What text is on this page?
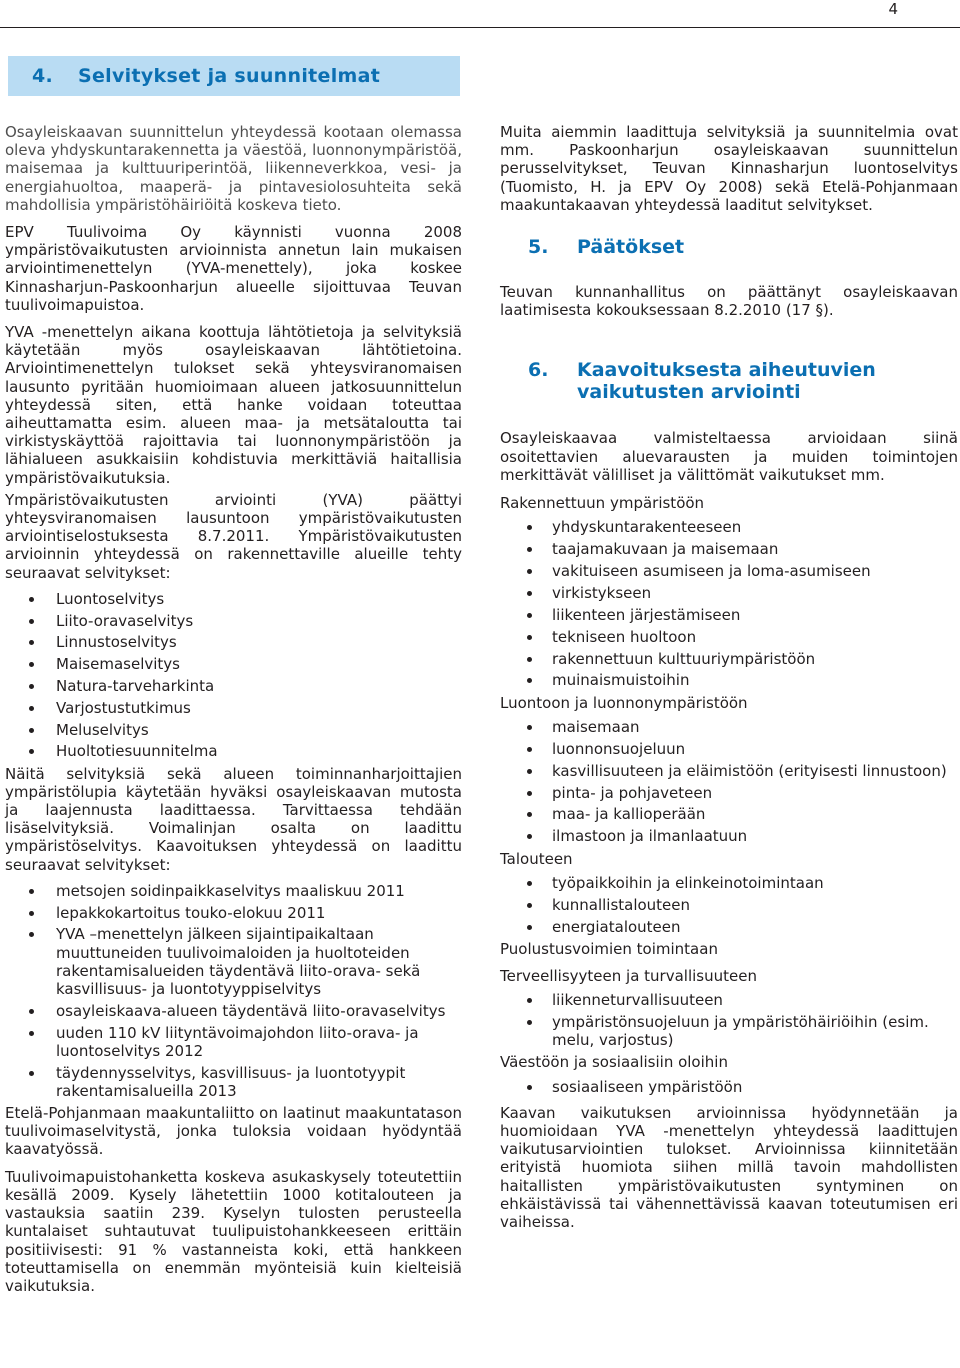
4
4. Selvitykset ja suunnitelmat

Osayleiskaavan suunnittelun yhteydessä kootaan olemassa oleva yhdyskuntarakennetta ja väestöä, luonnonympäristöä, maisemaa ja kulttuuriperintöä, liikenneverkkoa, vesi- ja energiahuoltoa, maaperä- ja pintavesiolosuhteita sekä mahdollisia ympäristöhäiriöitä koskeva tieto.

EPV Tuulivoima Oy käynnisti vuonna 2008 ympäristövaikutusten arvioinnista annetun lain mukaisen arviointimenettelyn (YVA-menettely), joka koskee Kinnasharjun-Paskoonharjun alueelle sijoittuvaa Teuvan tuulivoimapuistoa.

YVA -menettelyn aikana koottuja lähtötietoja ja selvityksiä käytetään myös osayleiskaavan lähtötietoina. Arviointimenettelyn tulokset sekä yhteysviranomaisen lausunto pyritään huomioimaan alueen jatkosuunnittelun yhteydessä siten, että hanke voidaan toteuttaa aiheuttamatta esim. alueen maa- ja metsätaloutta tai virkistyskäyttöä rajoittavia tai luonnonympäristöön ja lähialueen asukkaisiin kohdistuvia merkittäviä haitallisia ympäristövaikutuksia.

Ympäristövaikutusten arviointi (YVA) päättyi yhteysviranomaisen lausuntoon ympäristövaikutusten arviointiselostuksesta 8.7.2011. Ympäristövaikutusten arvioinnin yhteydessä on rakennettaville alueille tehty seuraavat selvitykset:

Luontoselvitys
Liito-oravaselvitys
Linnustoselvitys
Maisemaselvitys
Natura-tarveharkinta
Varjostustutkimus
Meluselvitys
Huoltotiesuunnitelma

Näitä selvityksiä sekä alueen toiminnanharjoittajien ympäristölupia käytetään hyväksi osayleiskaavan mutosta ja laajennusta laadittaessa. Tarvittaessa tehdään lisäselvityksiä. Voimalinjan osalta on laadittu ympäristöselvitys. Kaavoituksen yhteydessä on laadittu seuraavat selvitykset:

metsojen soidinpaikkaselvitys maaliskuu 2011
lepakkokartoitus touko-elokuu 2011
YVA –menettelyn jälkeen sijaintipaikaltaan muuttuneiden tuulivoimaloiden ja huoltoteiden rakentamisalueiden täydentävä liito-orava- sekä kasvillisuus- ja luontotyyppiselvitys
osayleiskaava-alueen täydentävä liito-oravaselvitys
uuden 110 kV liityntävoimajohdon liito-orava- ja luontoselvitys 2012
täydennysselvitys, kasvillisuus- ja luontotyypit rakentamisalueilla 2013

Etelä-Pohjanmaan maakuntaliitto on laatinut maakuntatason tuulivoimaselvitystä, jonka tuloksia voidaan hyödyntää kaavatyössä.

Tuulivoimapuistohanketta koskeva asukaskysely toteutettiin kesällä 2009. Kysely lähetettiin 1000 kotitalouteen ja vastauksia saatiin 239. Kyselyn tulosten perusteella kuntalaiset suhtautuvat tuulipuistohankkeeseen erittäin positiivisesti: 91 % vastanneista koki, että hankkeen toteuttamisella on enemmän myönteisiä kuin kielteisiä vaikutuksia.

Muita aiemmin laadittuja selvityksiä ja suunnitelmia ovat mm. Paskoonharjun osayleiskaavan suunnittelun perusselvitykset, Teuvan Kinnasharjun luontoselvitys (Tuomisto, H. ja EPV Oy 2008) sekä Etelä-Pohjanmaan maakuntakaavan yhteydessä laaditut selvitykset.

5.	Päätökset

Teuvan kunnanhallitus on päättänyt osayleiskaavan laatimisesta kokouksessaan 8.2.2010 (17 §).

6.	Kaavoituksesta aiheutuvien vaikutusten arviointi

Osayleiskaavaa valmisteltaessa arvioidaan siinä osoitettavien aluevarausten ja muiden toimintojen merkittävät välilliset ja välittömät vaikutukset mm.

Rakennettuun ympäristöön

yhdyskuntarakenteeseen
taajamakuvaan ja maisemaan
vakituiseen asumiseen ja loma-asumiseen
virkistykseen
liikenteen järjestämiseen
tekniseen huoltoon
rakennettuun kulttuuriympäristöön
muinaismuistoihin

Luontoon ja luonnonympäristöön

maisemaan
luonnonsuojeluun
kasvillisuuteen ja eläimistöön (erityisesti linnustoon)
pinta- ja pohjaveteen
maa- ja kallioperään
ilmastoon ja ilmanlaatuun

Talouteen

työpaikkoihin ja elinkeinotoimintaan
kunnallistalouteen
energiatalouteen

Puolustusvoimien toimintaan

Terveellisyyteen ja turvallisuuteen

liikenneturvallisuuteen
ympäristönsuojeluun ja ympäristöhäiriöihin (esim. melu, varjostus)

Väestöön ja sosiaalisiin oloihin

sosiaaliseen ympäristöön

Kaavan vaikutuksen arvioinnissa hyödynnetään ja huomioidaan YVA -menettelyn yhteydessä laadittujen vaikutusarviointien tulokset. Arvioinnissa kiinnitetään erityistä huomiota siihen millä tavoin mahdollisten haitallisten ympäristövaikutusten syntyminen on ehkäistävissä tai vähennettävissä kaavan toteutumisen eri vaiheissa.
